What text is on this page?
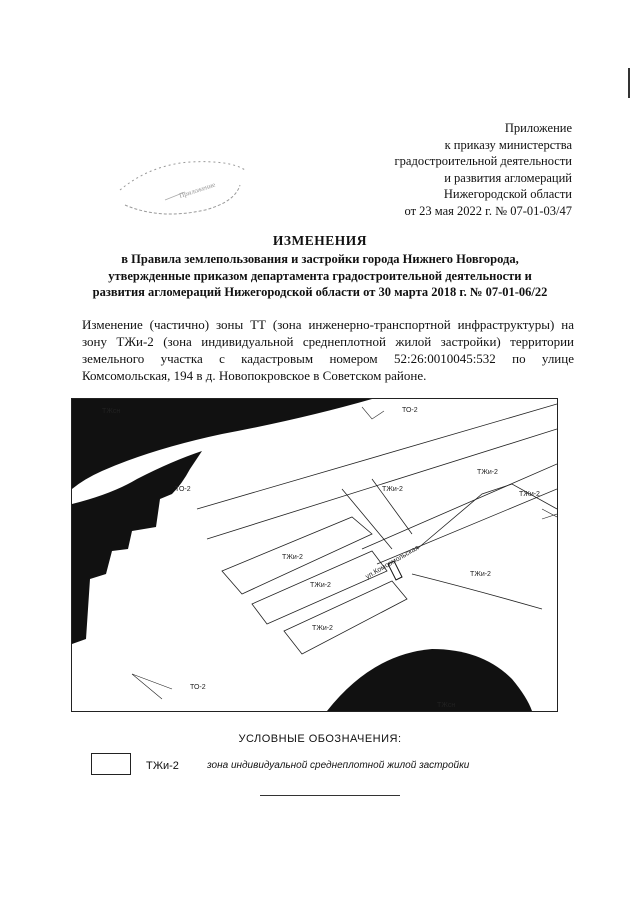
Приложение
к приказу министерства
градостроительной деятельности
и развития агломераций
Нижегородской области
от 23 мая 2022 г. № 07-01-03/47
Приложение
ИЗМЕНЕНИЯ
в Правила землепользования и застройки города Нижнего Новгорода,
утвержденные приказом департамента градостроительной деятельности и
развития агломераций Нижегородской области от 30 марта 2018 г. № 07-01-06/22
Изменение (частично) зоны ТТ (зона инженерно-транспортной инфраструктуры) на зону ТЖи-2 (зона индивидуальной среднеплотной жилой застройки) территории земельного участка с кадастровым номером 52:26:0010045:532 по улице Комсомольская, 194 в д. Новопокровское в Советском районе.
ТЖсн	ТО-2
ТО-2
ТЖи-2
ТЖи-2
ТЖи-2
ТЖи-2
ТЖи-2
ТЖи-2
ТЖи-2
ул.Комсомольская
ТО-2
ТЖсн
УСЛОВНЫЕ ОБОЗНАЧЕНИЯ:
ТЖи-2	зона индивидуальной среднеплотной жилой застройки
